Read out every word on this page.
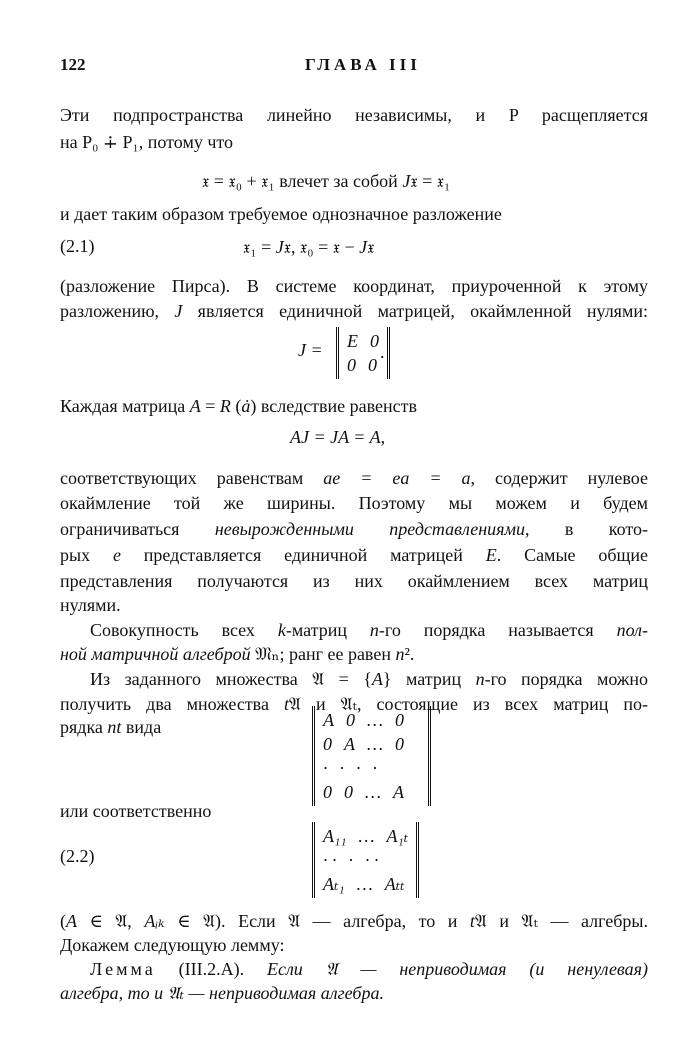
122	ГЛАВА III
(2.1)
(2.2)
J = E 0
0 0
.
A 0 … 0
0 A … 0
· · · ·
0 0 … A
A₁₁ … A₁ₜ
· · · · ·
Aₜ₁ … Aₜₜ
Эти подпространства линейно независимы, и P расщепляется
на P₀ ∔ P₁, потому что
𝔵 = 𝔵₀ + 𝔵₁ влечет за собой J𝔵 = 𝔵₁
и дает таким образом требуемое однозначное разложение
𝔵₁ = J𝔵, 𝔵₀ = 𝔵 − J𝔵
(разложение Пирса). В системе координат, приуроченной к этому
разложению, J является единичной матрицей, окаймленной нулями:
Каждая матрица A = R (ȧ) вследствие равенств
AJ = JA = A,
соответствующих равенствам ae = ea = a, содержит нулевое
окаймление той же ширины. Поэтому мы можем и будем
ограничиваться невырожденными представлениями, в кото-
рых e представляется единичной матрицей E. Самые общие
представления получаются из них окаймлением всех матриц
нулями.
Совокупность всех k-матриц n-го порядка называется пол-
ной матричной алгеброй 𝔐ₙ; ранг ее равен n².
Из заданного множества 𝔄 = {A} матриц n-го порядка можно
получить два множества t𝔄 и 𝔄ₜ, состоящие из всех матриц по-
рядка nt вида
или соответственно
(A ∈ 𝔄, Aᵢₖ ∈ 𝔄). Если 𝔄 — алгебра, то и t𝔄 и 𝔄ₜ — алгебры.
Докажем следующую лемму:
Лемма (III.2.A). Если 𝔄 — неприводимая (и ненулевая)
алгебра, то и 𝔄ₜ — неприводимая алгебра.
